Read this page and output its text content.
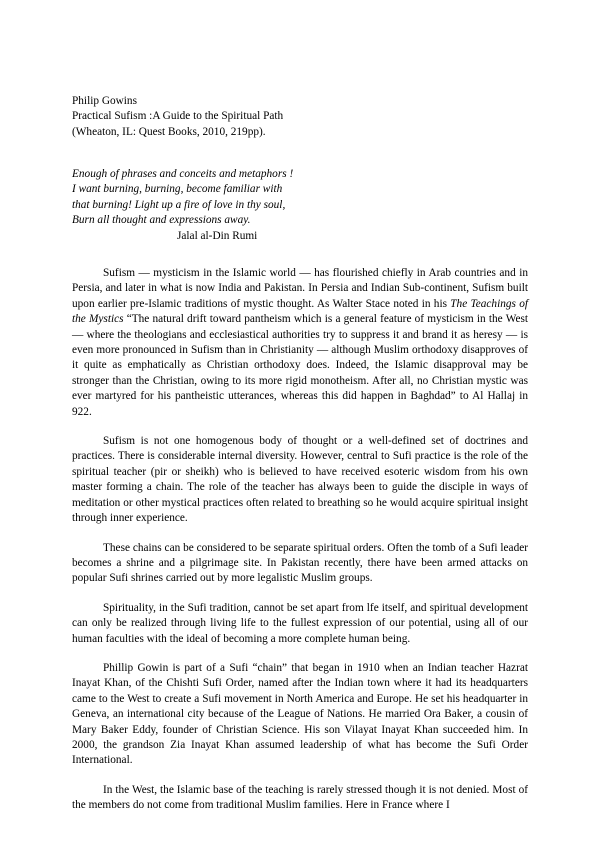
Philip Gowins
Practical Sufism :A Guide to the Spiritual Path
(Wheaton, IL: Quest Books, 2010, 219pp).
Enough of phrases and conceits and metaphors !
I want burning, burning, become familiar with
that burning! Light up a fire of love in thy soul,
Burn all thought and expressions away.
Jalal al-Din Rumi

Sufism — mysticism in the Islamic world — has flourished chiefly in Arab countries and in Persia, and later in what is now India and Pakistan. In Persia and Indian Sub-continent, Sufism built upon earlier pre-Islamic traditions of mystic thought. As Walter Stace noted in his The Teachings of the Mystics “The natural drift toward pantheism which is a general feature of mysticism in the West — where the theologians and ecclesiastical authorities try to suppress it and brand it as heresy — is even more pronounced in Sufism than in Christianity — although Muslim orthodoxy disapproves of it quite as emphatically as Christian orthodoxy does. Indeed, the Islamic disapproval may be stronger than the Christian, owing to its more rigid monotheism. After all, no Christian mystic was ever martyred for his pantheistic utterances, whereas this did happen in Baghdad” to Al Hallaj in 922.

Sufism is not one homogenous body of thought or a well-defined set of doctrines and practices. There is considerable internal diversity. However, central to Sufi practice is the role of the spiritual teacher (pir or sheikh) who is believed to have received esoteric wisdom from his own master forming a chain. The role of the teacher has always been to guide the disciple in ways of meditation or other mystical practices often related to breathing so he would acquire spiritual insight through inner experience.

These chains can be considered to be separate spiritual orders. Often the tomb of a Sufi leader becomes a shrine and a pilgrimage site. In Pakistan recently, there have been armed attacks on popular Sufi shrines carried out by more legalistic Muslim groups.

Spirituality, in the Sufi tradition, cannot be set apart from lfe itself, and spiritual development can only be realized through living life to the fullest expression of our potential, using all of our human faculties with the ideal of becoming a more complete human being.

Phillip Gowin is part of a Sufi “chain” that began in 1910 when an Indian teacher Hazrat Inayat Khan, of the Chishti Sufi Order, named after the Indian town where it had its headquarters came to the West to create a Sufi movement in North America and Europe. He set his headquarter in Geneva, an international city because of the League of Nations. He married Ora Baker, a cousin of Mary Baker Eddy, founder of Christian Science. His son Vilayat Inayat Khan succeeded him. In 2000, the grandson Zia Inayat Khan assumed leadership of what has become the Sufi Order International.

In the West, the Islamic base of the teaching is rarely stressed though it is not denied. Most of the members do not come from traditional Muslim families. Here in France where I
